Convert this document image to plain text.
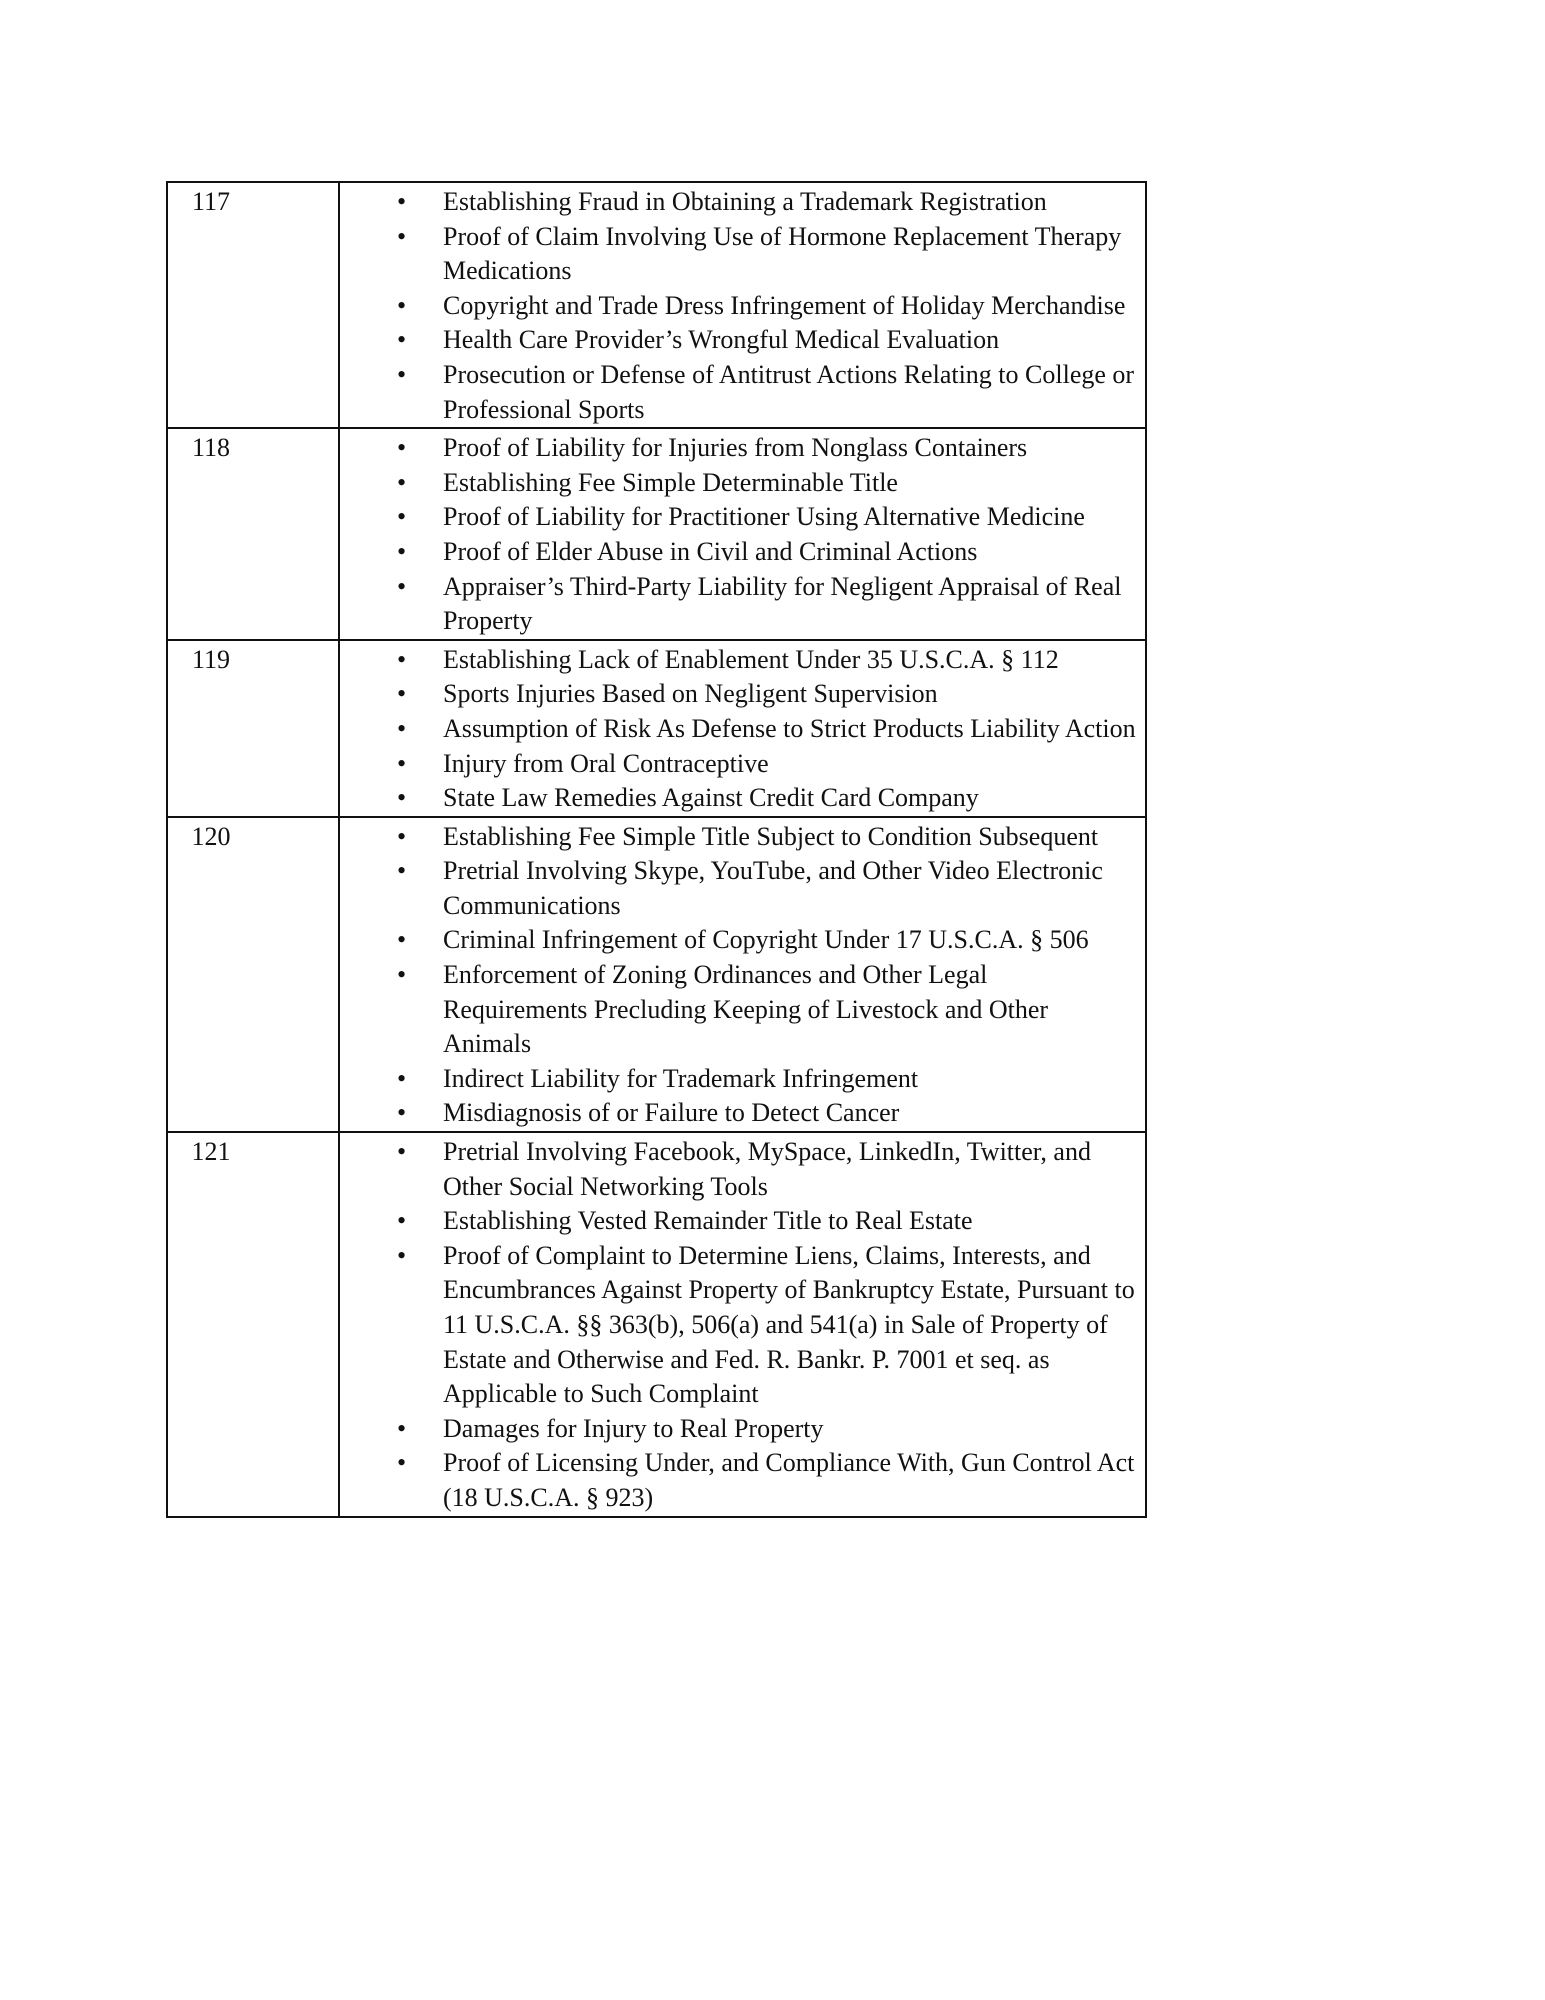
117	• Establishing Fraud in Obtaining a Trademark Registration
• Proof of Claim Involving Use of Hormone Replacement Therapy Medications
• Copyright and Trade Dress Infringement of Holiday Merchandise
• Health Care Provider’s Wrongful Medical Evaluation
• Prosecution or Defense of Antitrust Actions Relating to College or Professional Sports
118	• Proof of Liability for Injuries from Nonglass Containers
• Establishing Fee Simple Determinable Title
• Proof of Liability for Practitioner Using Alternative Medicine
• Proof of Elder Abuse in Civil and Criminal Actions
• Appraiser’s Third-Party Liability for Negligent Appraisal of Real Property
119	• Establishing Lack of Enablement Under 35 U.S.C.A. § 112
• Sports Injuries Based on Negligent Supervision
• Assumption of Risk As Defense to Strict Products Liability Action
• Injury from Oral Contraceptive
• State Law Remedies Against Credit Card Company
120	• Establishing Fee Simple Title Subject to Condition Subsequent
• Pretrial Involving Skype, YouTube, and Other Video Electronic Communications
• Criminal Infringement of Copyright Under 17 U.S.C.A. § 506
• Enforcement of Zoning Ordinances and Other Legal Requirements Precluding Keeping of Livestock and Other Animals
• Indirect Liability for Trademark Infringement
• Misdiagnosis of or Failure to Detect Cancer
121	• Pretrial Involving Facebook, MySpace, LinkedIn, Twitter, and Other Social Networking Tools
• Establishing Vested Remainder Title to Real Estate
• Proof of Complaint to Determine Liens, Claims, Interests, and Encumbrances Against Property of Bankruptcy Estate, Pursuant to 11 U.S.C.A. §§ 363(b), 506(a) and 541(a) in Sale of Property of Estate and Otherwise and Fed. R. Bankr. P. 7001 et seq. as Applicable to Such Complaint
• Damages for Injury to Real Property
• Proof of Licensing Under, and Compliance With, Gun Control Act (18 U.S.C.A. § 923)
